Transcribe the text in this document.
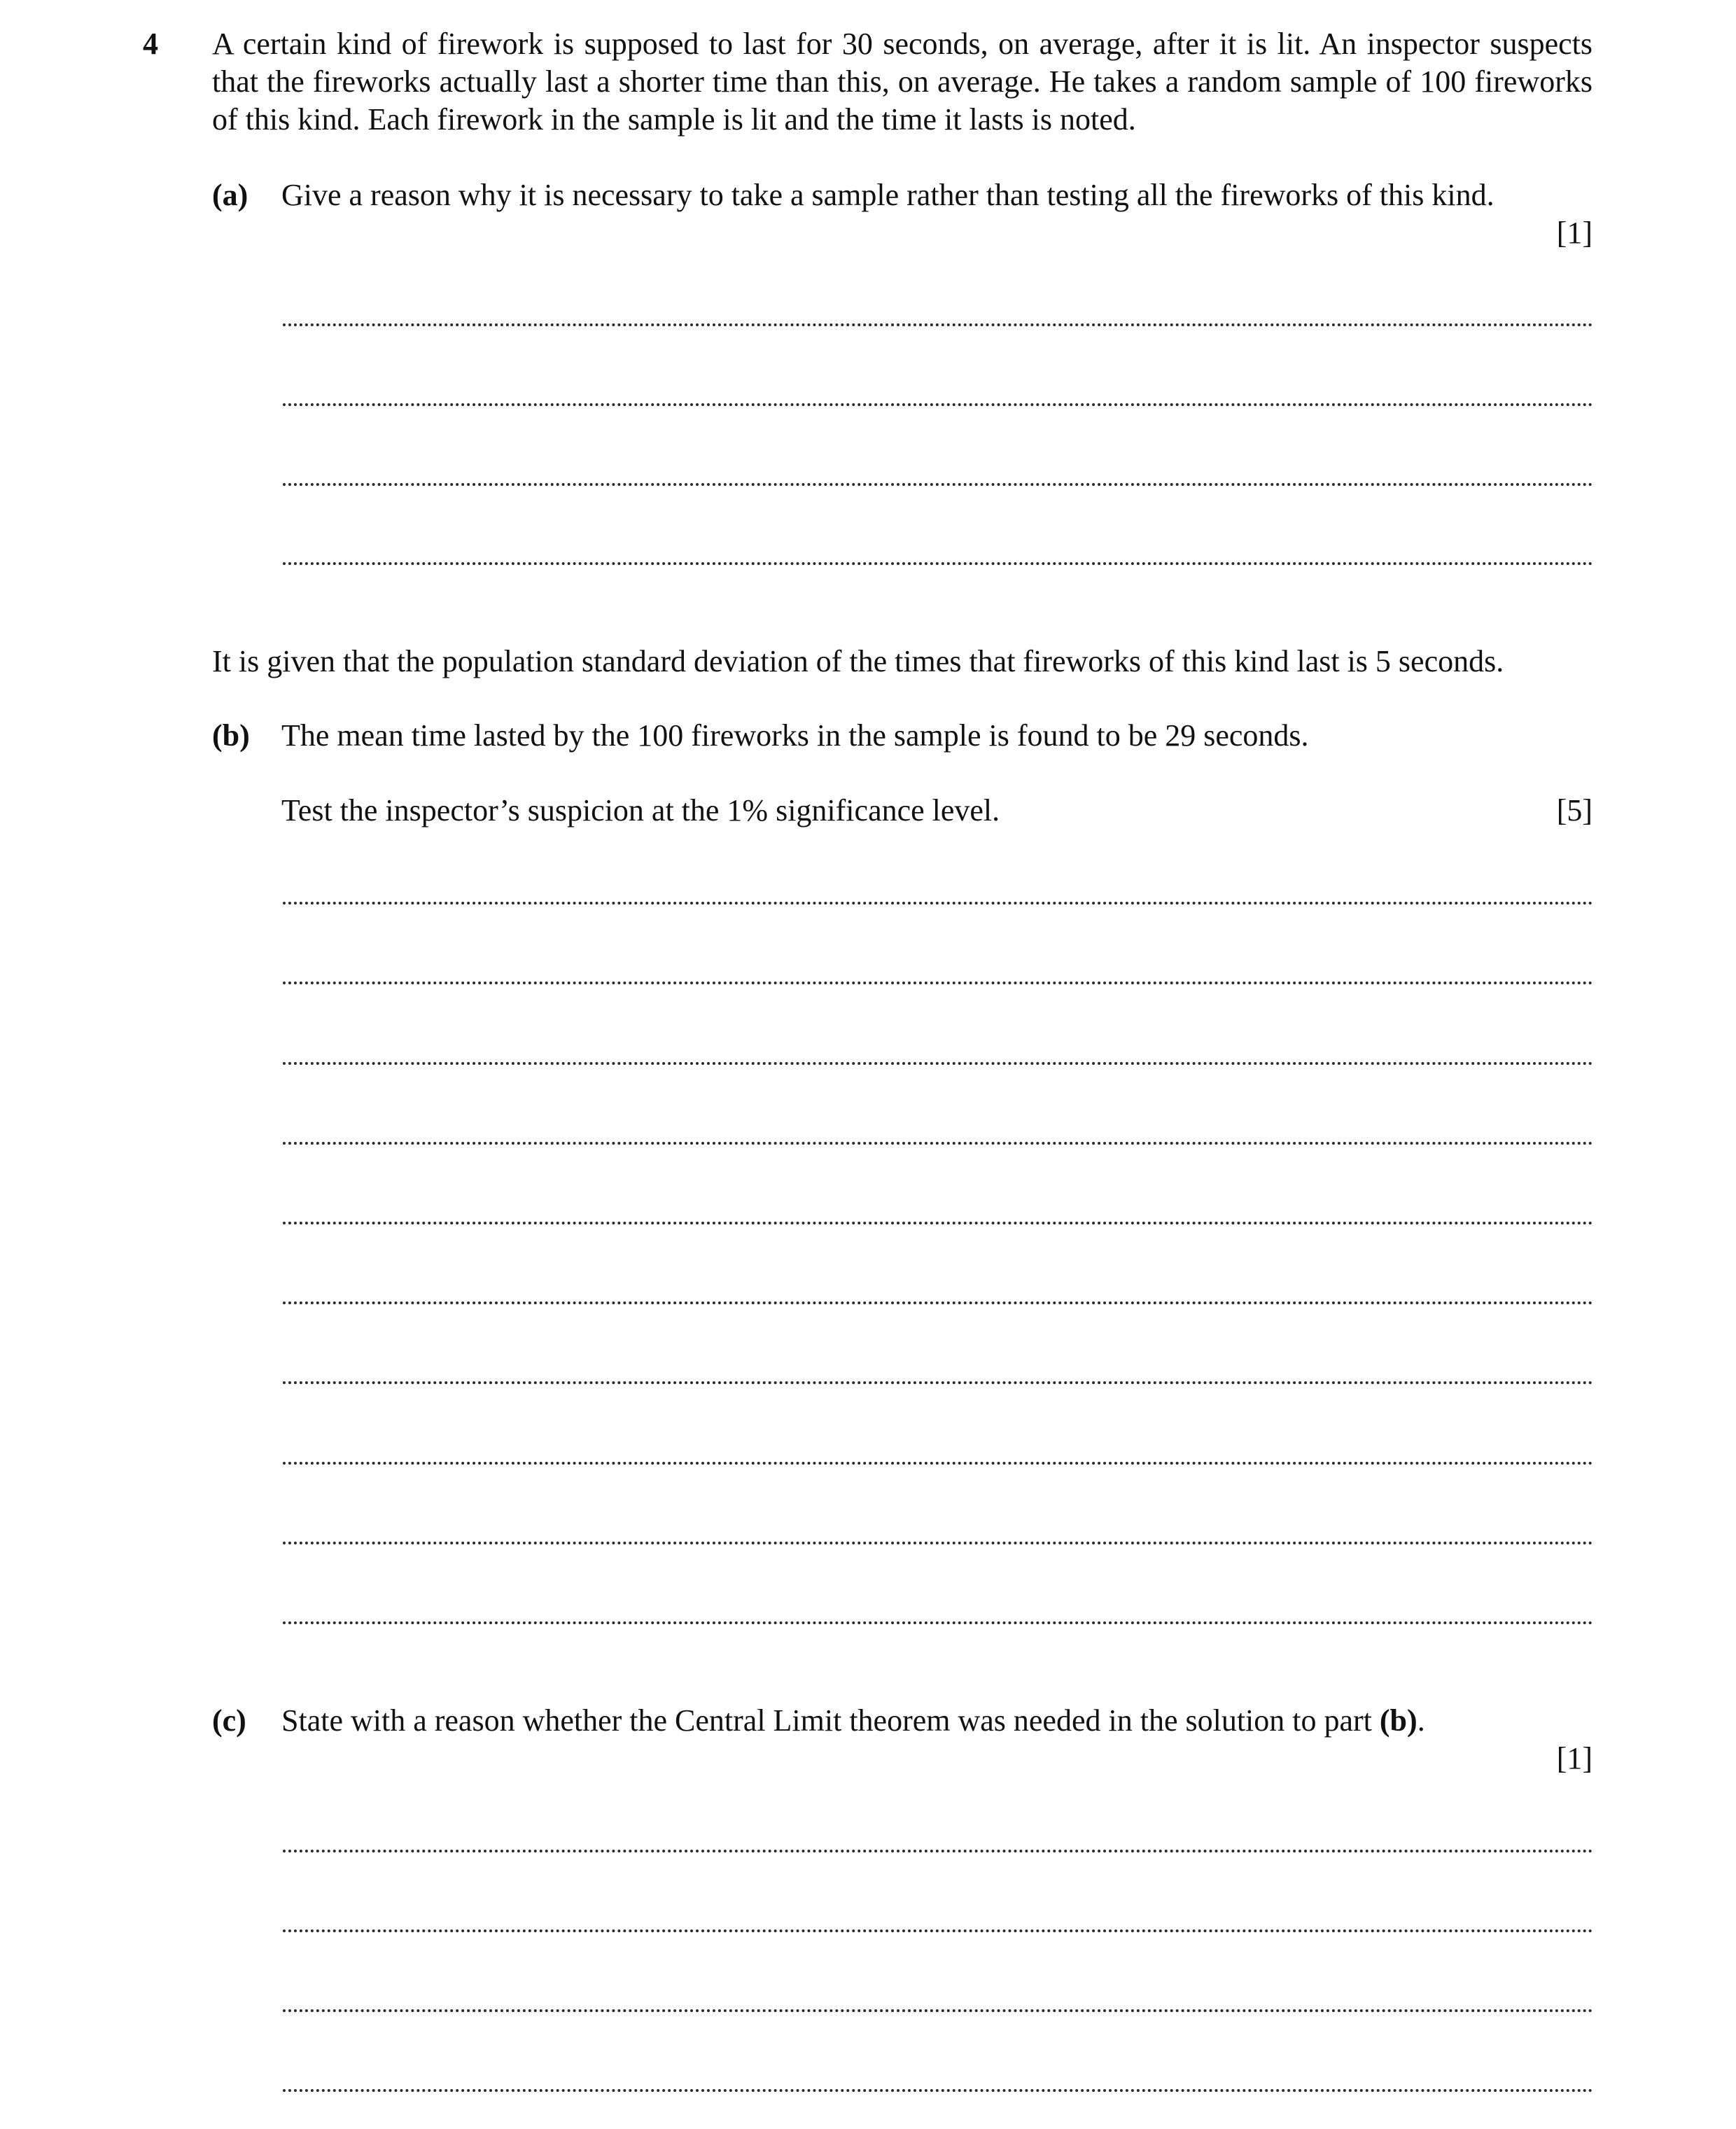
4 A certain kind of firework is supposed to last for 30 seconds, on average, after it is lit. An inspector suspects that the fireworks actually last a shorter time than this, on average. He takes a random sample of 100 fireworks of this kind. Each firework in the sample is lit and the time it lasts is noted.

(a) Give a reason why it is necessary to take a sample rather than testing all the fireworks of this kind.

[1]

It is given that the population standard deviation of the times that fireworks of this kind last is 5 seconds.

(b) The mean time lasted by the 100 fireworks in the sample is found to be 29 seconds.

Test the inspector’s suspicion at the 1% significance level.	[5]
(c) State with a reason whether the Central Limit theorem was needed in the solution to part (b).

[1]
